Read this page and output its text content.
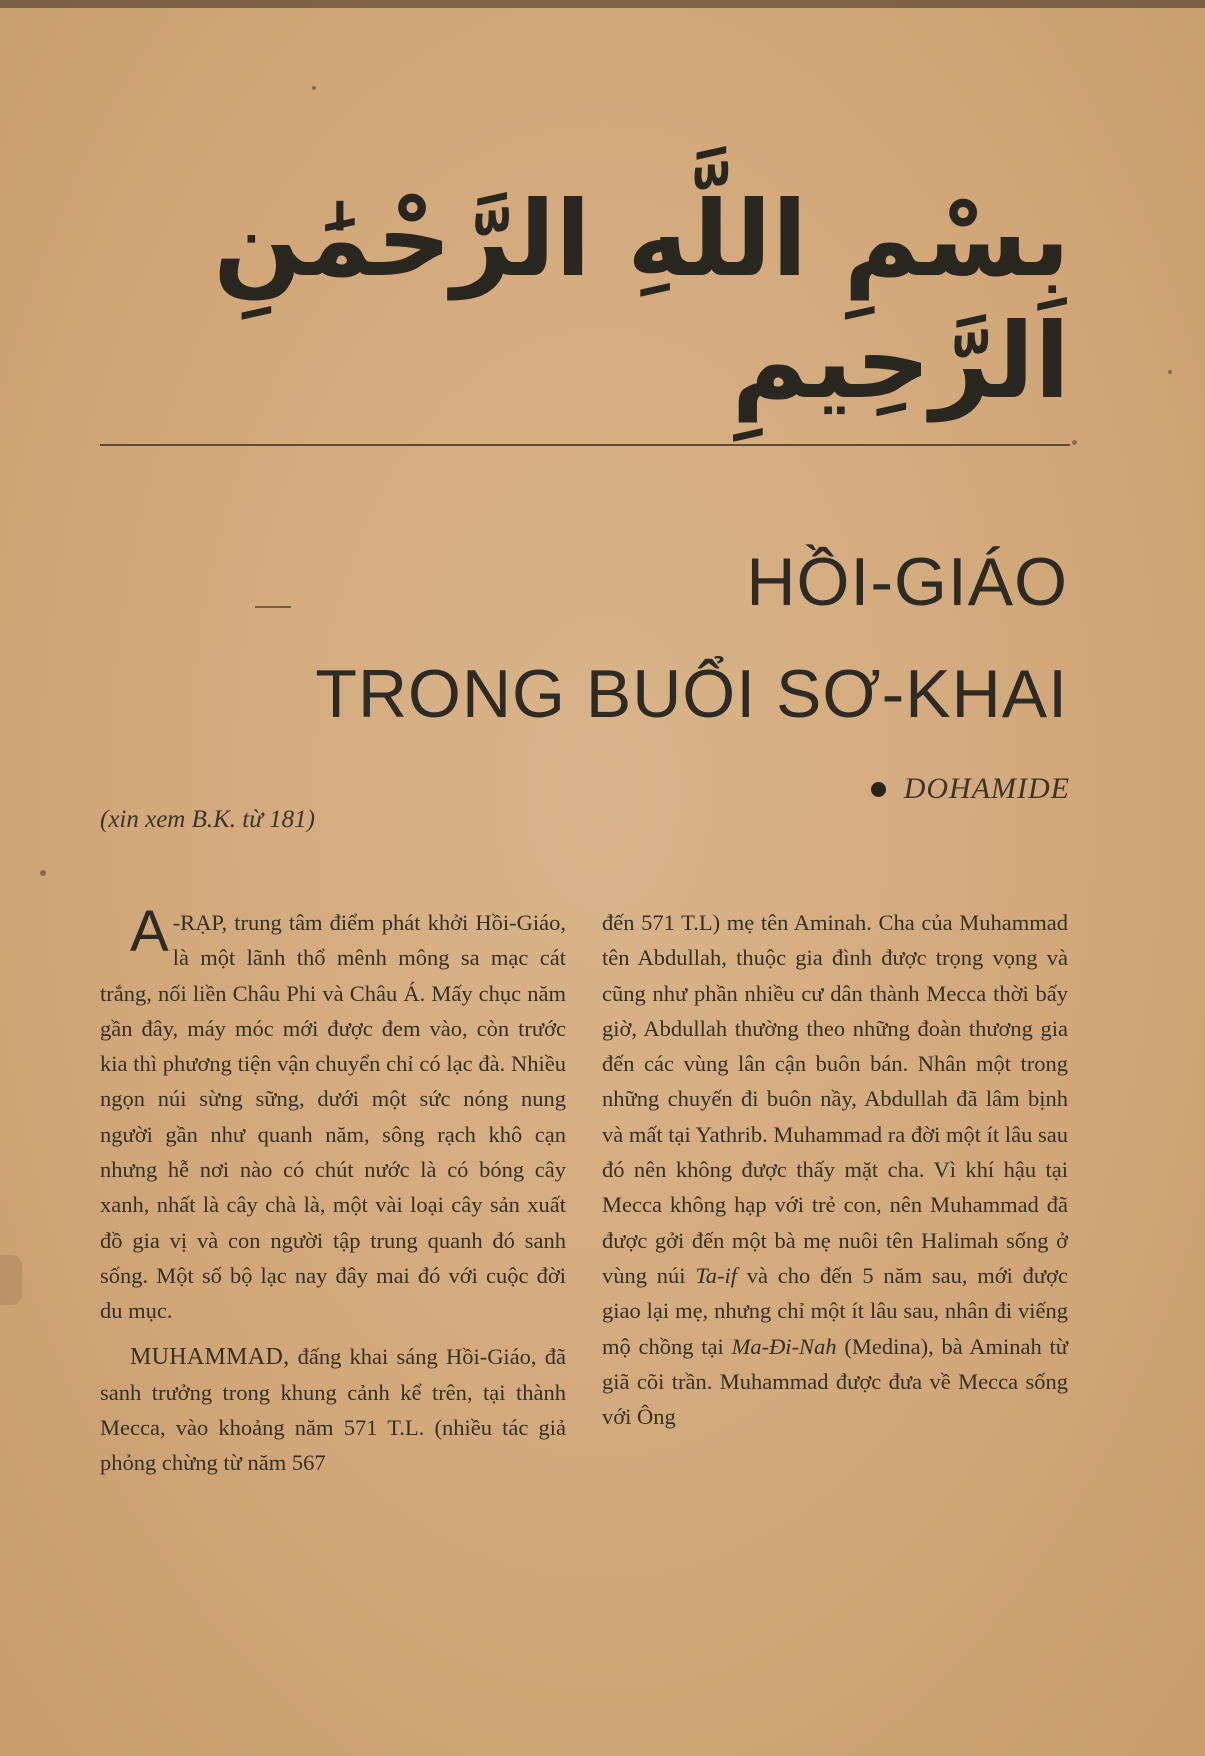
بِسْمِ اللَّهِ الرَّحْمَٰنِ الرَّحِيمِ
HỒI-GIÁO
TRONG BUỔI SƠ-KHAI
DOHAMIDE
(xin xem B.K. từ 181)

A -RẠP, trung tâm điểm phát khởi Hồi-Giáo, là một lãnh thổ mênh mông sa mạc cát trắng, nối liền Châu Phi và Châu Á. Mấy chục năm gần đây, máy móc mới được đem vào, còn trước kia thì phương tiện vận chuyển chỉ có lạc đà. Nhiều ngọn núi sừng sững, dưới một sức nóng nung người gần như quanh năm, sông rạch khô cạn nhưng hễ nơi nào có chút nước là có bóng cây xanh, nhất là cây chà là, một vài loại cây sản xuất đồ gia vị và con người tập trung quanh đó sanh sống. Một số bộ lạc nay đây mai đó với cuộc đời du mục.

MUHAMMAD, đấng khai sáng Hồi-Giáo, đã sanh trưởng trong khung cảnh kể trên, tại thành Mecca, vào khoảng năm 571 T.L. (nhiều tác giả phỏng chừng từ năm 567

đến 571 T.L) mẹ tên Aminah. Cha của Muhammad tên Abdullah, thuộc gia đình được trọng vọng và cũng như phần nhiều cư dân thành Mecca thời bấy giờ, Abdullah thường theo những đoàn thương gia đến các vùng lân cận buôn bán. Nhân một trong những chuyến đi buôn nầy, Abdullah đã lâm bịnh và mất tại Yathrib. Muhammad ra đời một ít lâu sau đó nên không được thấy mặt cha. Vì khí hậu tại Mecca không hạp với trẻ con, nên Muhammad đã được gởi đến một bà mẹ nuôi tên Halimah sống ở vùng núi Ta-if và cho đến 5 năm sau, mới được giao lại mẹ, nhưng chỉ một ít lâu sau, nhân đi viếng mộ chồng tại Ma-Đi-Nah (Medina), bà Aminah từ giã cõi trần. Muhammad được đưa về Mecca sống với Ông
